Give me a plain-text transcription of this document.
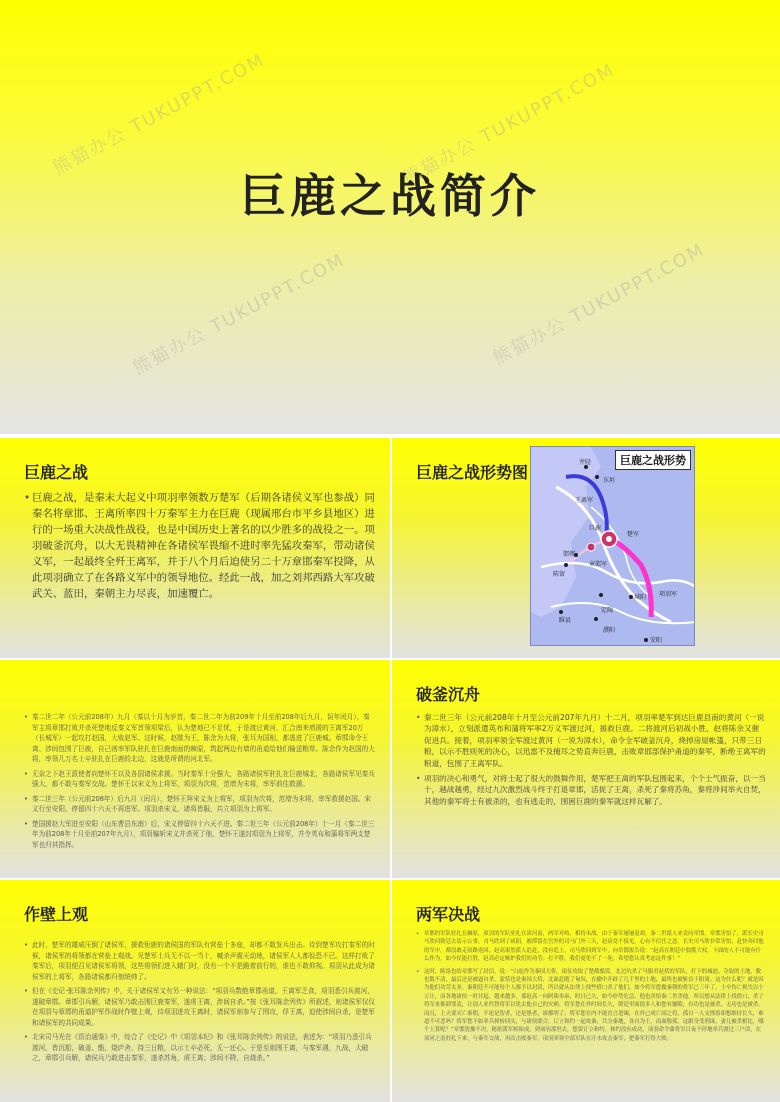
熊猫办公 TUKUPPT.COM	熊猫办公 TUKUPPT.COM
熊猫办公 TUKUPPT.COM	熊猫办公 TUKUPPT.COM
巨鹿之战简介
巨鹿之战
• 巨鹿之战，是秦末大起义中项羽率领数万楚军（后期各诸侯义军也参战）同秦名将章邯、王离所率四十万秦军主力在巨鹿（现属邢台市平乡县地区）进行的一场重大决战性战役，也是中国历史上著名的以少胜多的战役之一。项羽破釜沉舟，以大无畏精神在各诸侯军畏缩不进时率先猛攻秦军，带动诸侯义军，一起最终全歼王离军，并于八个月后迫使另二十万章邯秦军投降，从此项羽确立了在各路义军中的领导地位。经此一战，加之刘邦西路大军攻破武关、蓝田，秦朝主力尽丧，加速覆亡。
巨鹿之战形势图
巨鹿之战形势
井陉
东垣
王离军
巨鹿
邯郸
章邯军
陈留
楚军
项羽军
城阳
安阳
濮阳
定陶
睢县
• 秦二世二年（公元前208年）九月（秦以十月为岁首，秦二世二年为前209年十月至前208年后九月，误年闰月），秦军主将章邯打败并杀死楚地反秦义军首领项梁后，认为楚地已不足忧，于是渡过黄河，汇合南来增援的王离军20万（长城军）一起攻打赵国，大败赵军。这时候，赵歇为王，陈余为大将，张耳为国相，都逃进了巨鹿城。章邯命令王离、涉间包围了巨鹿，自己则率军队驻扎在巨鹿南面的棘原，筑起两边有墙的甬道给他们输送粮草。陈余作为赵国的大将，率领几万名士卒驻扎在巨鹿的北边，这就是所谓的河北军。
• 无奈之下赵王派使者向楚怀王以及各国诸侯求援。当时秦军十分强大，各路诸侯军驻扎在巨鹿城北，各路诸侯军见秦兵强大，都不敢与秦军交战。楚怀王以宋义为上将军，项羽为次将，范增为末将，率军前往救援。
• 秦二世三年（公元前208年）后九月（闰月），楚怀王拜宋义为上将军，项羽为次将，范增为末将，率军救援赵国。宋义行至安阳，停留四十六天不再进军。项羽杀宋义，诸将皆服，共立项羽为上将军。
• 楚国援赵大军进至安阳（山东曹县东南）后，宋义停留四十六天不进。秦二世三年（公元前208年）十一月（秦二世三年为前208年十月至前207年九月），项羽骗斩宋义并杀死了他，楚怀王遂封项羽为上将军，并令英布和蒲将军两支楚军也归其指挥。
破釜沉舟
• 秦二世三年（公元前208年十月至公元前207年九月）十二月，项羽率楚军到达巨鹿县南的黄河（一说为漳水），立刻派遣英布和蒲将军率2万义军渡过河，援救巨鹿。二将渡河后初战小胜，赵将陈余又催促进兵。接着，项羽率领全军渡过黄河（一说为漳水），命令全军破釜沉舟，烧掉房屋帐篷，只带三日粮，以示不胜则死的决心，以迅雷不及掩耳之势直奔巨鹿，击败章邯部保护甬道的秦军，断绝王离军的粮道，包围了王离军队。
• 项羽的决心和勇气，对将士起了很大的鼓舞作用，楚军把王离的军队包围起来，个个士气振奋，以一当十，越战越勇，经过九次激烈战斗终于打退章邯，活捉了王离，杀死了秦将苏角，秦将涉间举火自焚，其他的秦军将士有被杀的，也有逃走的，围困巨鹿的秦军就这样瓦解了。
作壁上观
• 此时，楚军的雄威压倒了诸侯军，援救钜鹿的诸侯国的军队有营垒十多座，却都不敢发兵出击。待到楚军攻打秦军的时候，诸侯军的将领都在营垒上观战。见楚军士兵无不以一当十，喊杀声震天动地，诸侯军人人都惊恐不已。这样打败了秦军后，项羽便召见诸侯军将领，这些将领们进入辕门时，没有一个不是跪着前行的，谁也不敢仰视。项羽从此成为诸侯军的上将军，各路诸侯都归他统帅了。
• 但在《史记·张耳陈余列传》中，关于诸侯军又有另一种说法：“项羽兵数绝章邯甬道，王离军乏食，项羽悉引兵渡河，遂破章邯。章邯引兵解，诸侯军乃敢击围巨鹿秦军，遂虏王离，涉间自杀。”按《张耳陈余列传》所叙述，则诸侯军仅仅在项羽与章邯的甬道护军作战时作壁上观，待项羽进攻王离时，诸侯军则参与了围攻，俘王离，迫使涉间自杀，是楚军和诸侯军的共同成果。
• 北宋司马光在《资治通鉴》中，综合了《史记》中《项羽本纪》和《张耳陈余列传》的说法，表述为：“项羽乃悉引兵渡河，皆沉船，破釜、甑，烧庐舍，持三日粮，以示士卒必死，无一还心。于是至则围王离，与秦军遇，九战，大破之，章邯引兵解，诸侯兵乃敢进击秦军，遂杀苏角，虏王离；涉间不降，自烧杀。”
两军决战
• 章邯的军队驻扎在棘原，项羽的军队驻扎在漳河南，两军对峙，相持未战。由于秦军屡屡退却，秦二世派人来责问章邯，章邯害怕了，派长史司马欣回朝廷去请示公事。司马欣到了咸阳，被滞留在宫外的司马门外三天，赵高竟不接见，心有不信任之意。长史司马欣非常害怕，赶快奔回他的军中，都没敢走原路返回，赵高果然派人追赶，没有追上。司马欣回到军中，向章邯报告说：“赵高在朝廷中独揽大权，下面的人不可能有什么作为，如今仗能打胜，赵高必定嫉妒我们的功劳；打不胜，我们更免不了一死。希望您认真考虑这件事！”
• 这时，陈馀也给章邯写了封信，说：“白起作为秦国大将，南征攻取了楚都鄢郢，北边坑杀了马服君赵括的军队，打下的城池、夺取的土地，数也数不清，最后还是被逼自杀。蒙恬也是秦国大将，北面赶跑了匈奴，在榆中开辟了几千里的土地，最终也被斩首于阳周。这为什么呢？就是因为他们功劳太多，秦朝廷不可能每个人都予以封赏，所以就从法律上找些借口杀了他们。如今将军您做秦朝的将军已三年了，士卒伤亡损失以十万计，而各地诸侯一时并起，越来越多，那赵高一向阿谀奉承，时日已久，如今形势危急，他也害怕秦二世杀他，所以想从法律上找借口，杀了将军来推卸罪责，让别人来代替将军以免去他自己的灾祸。将军您在外时间长久，朝廷里面很多人和您有嫌隙，有功也是被杀，无功也是被杀。而且，上天要灭亡秦朝，不论是智者，还是愚者，谁都明了。将军您在内不能直言进谏，在外已成亡国之将，孤自一人支撑着却想维持长久，难道不可悲吗？将军您不如率兵掉转回头，与诸侯联合，订立和约一起攻秦，共分秦地，各自为王，南面称孤，这跟身受刑诛，妻儿被杀相比，哪个上算呢？”章邯犹豫不决，秘密派军候始成，到项羽那里去，想要订立和约。和约没有成功，项羽命令蒲将军日夜不停地率兵渡过三户津，在漳河之南驻扎下来，与秦军交战，再次击败秦军。项羽率领全部军队在汙水攻击秦军，把秦军打得大败。
